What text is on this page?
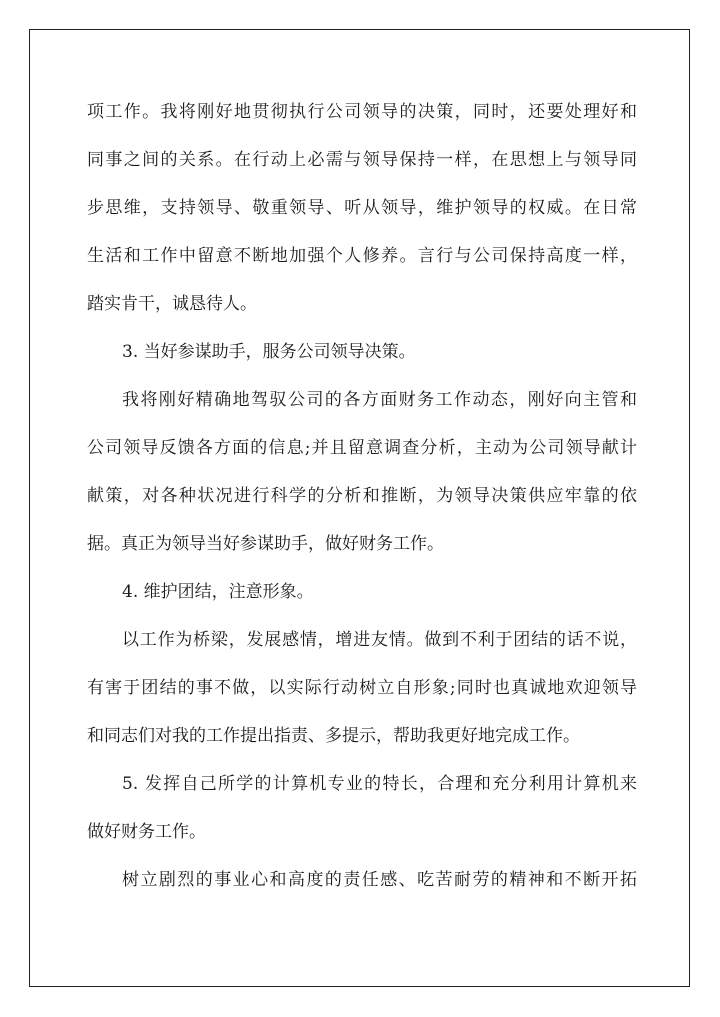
项工作。我将刚好地贯彻执行公司领导的决策，同时，还要处理好和
同事之间的关系。在行动上必需与领导保持一样，在思想上与领导同
步思维，支持领导、敬重领导、听从领导，维护领导的权威。在日常
生活和工作中留意不断地加强个人修养。言行与公司保持高度一样，
踏实肯干，诚恳待人。
3. 当好参谋助手，服务公司领导决策。
我将刚好精确地驾驭公司的各方面财务工作动态，刚好向主管和
公司领导反馈各方面的信息;并且留意调查分析，主动为公司领导献计
献策，对各种状况进行科学的分析和推断，为领导决策供应牢靠的依
据。真正为领导当好参谋助手，做好财务工作。
4. 维护团结，注意形象。
以工作为桥梁，发展感情，增进友情。做到不利于团结的话不说，
有害于团结的事不做，以实际行动树立自形象;同时也真诚地欢迎领导
和同志们对我的工作提出指责、多提示，帮助我更好地完成工作。
5. 发挥自己所学的计算机专业的特长，合理和充分利用计算机来
做好财务工作。
树立剧烈的事业心和高度的责任感、吃苦耐劳的精神和不断开拓
